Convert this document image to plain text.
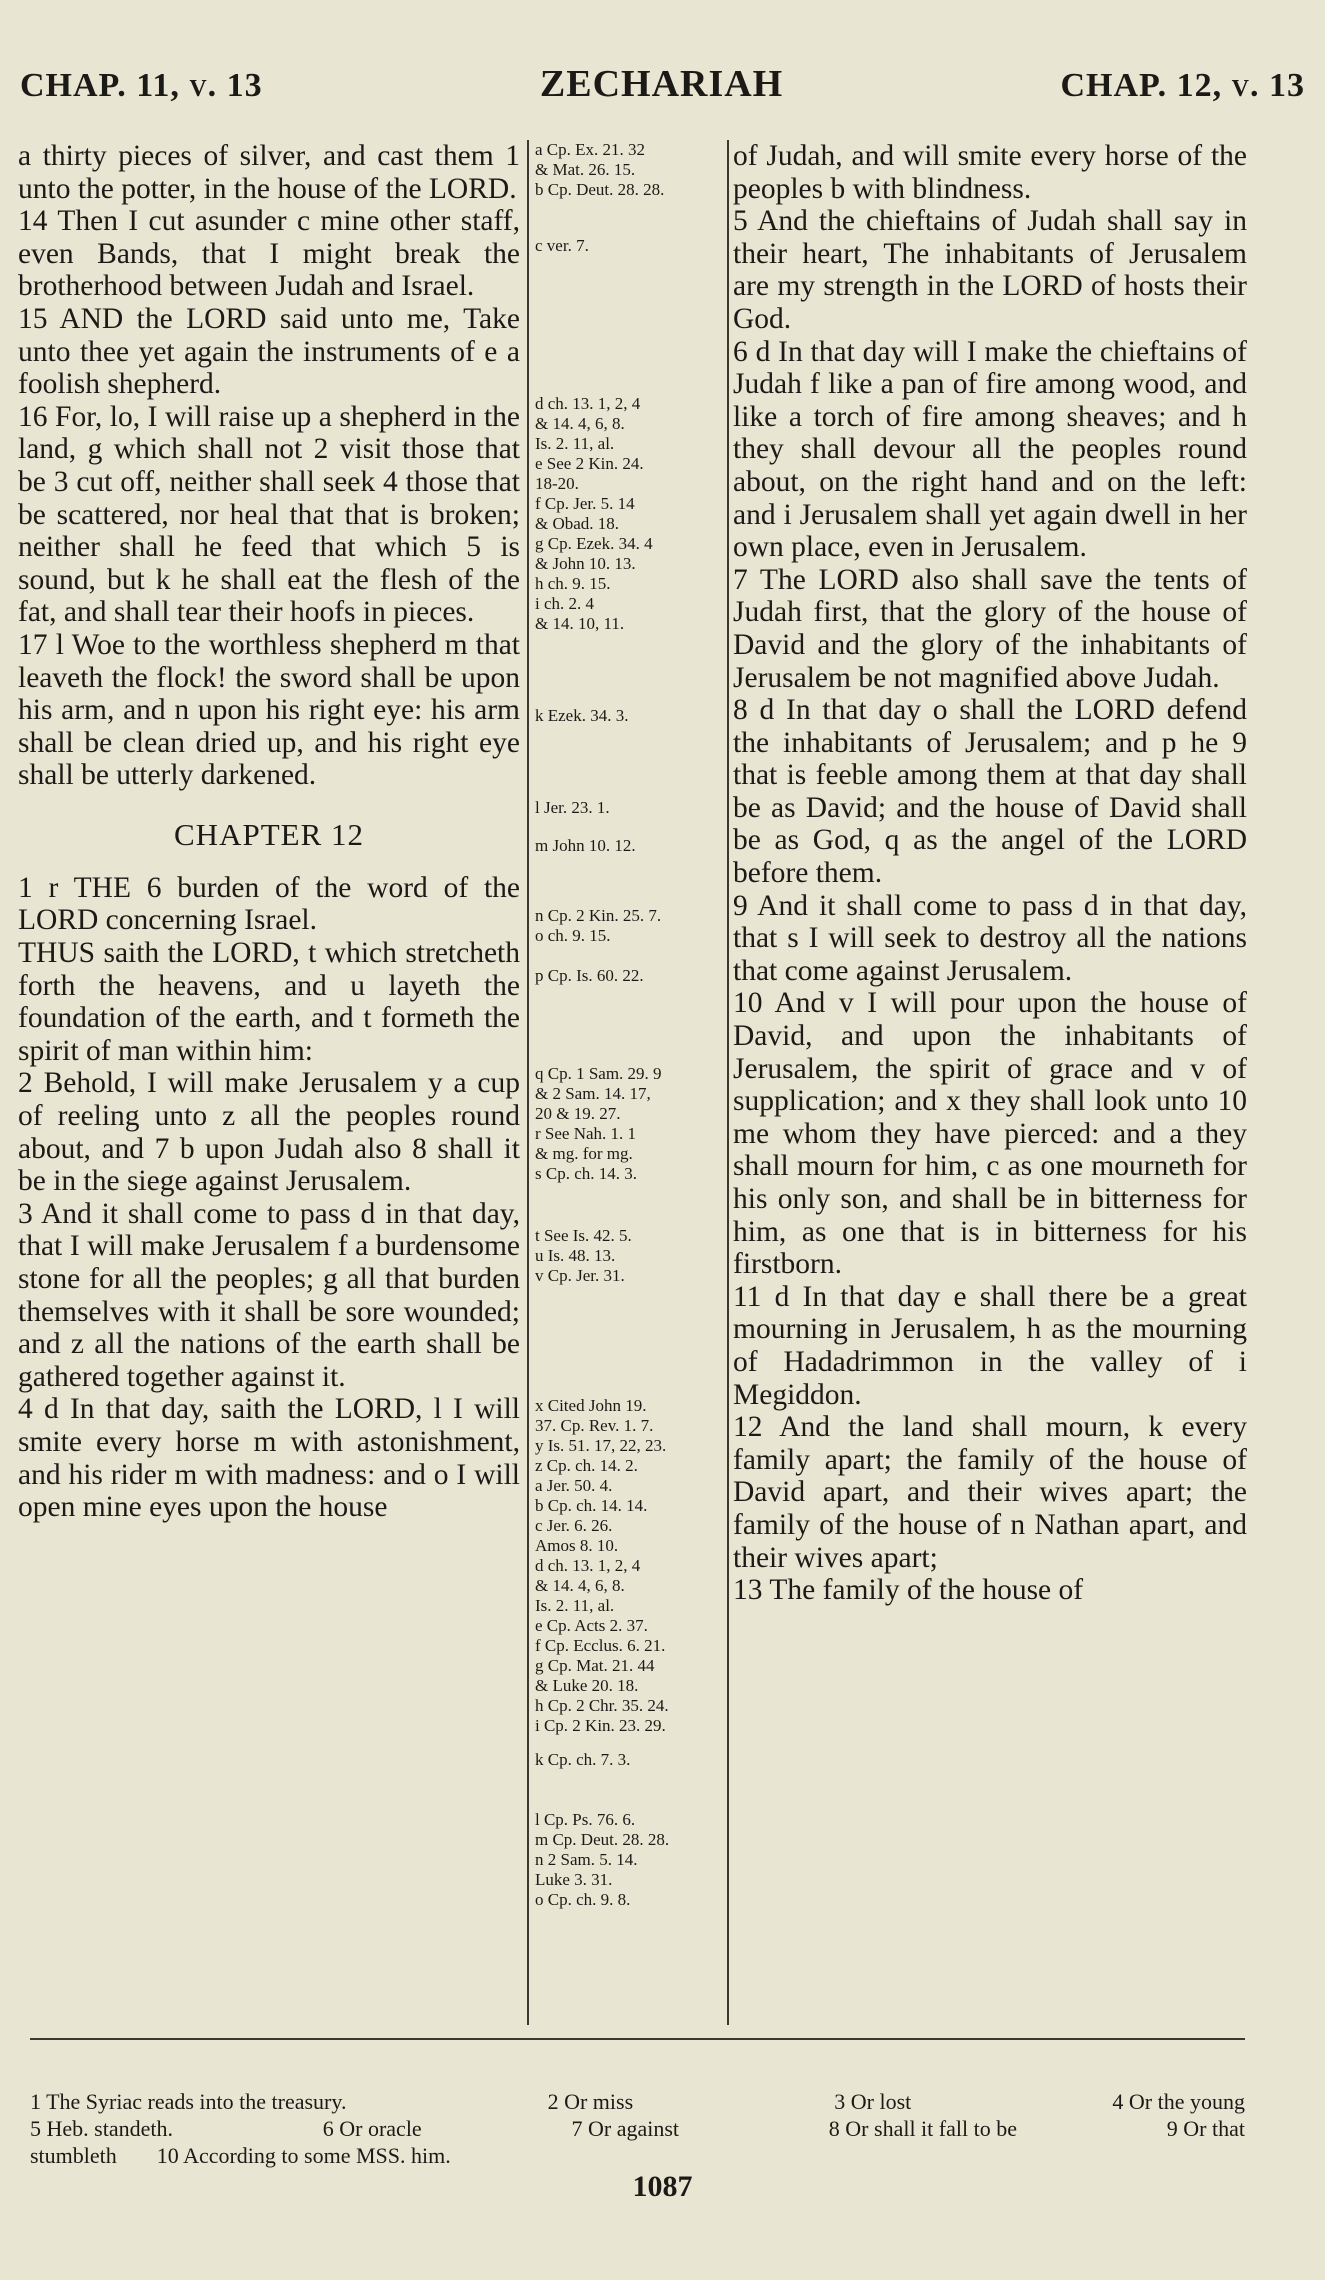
CHAP. 11, v. 13	ZECHARIAH	CHAP. 12, v. 13

a thirty pieces of silver, and cast them 1 unto the potter, in the house of the LORD.

14 Then I cut asunder c mine other staff, even Bands, that I might break the brotherhood between Judah and Israel.

15 AND the LORD said unto me, Take unto thee yet again the instruments of e a foolish shepherd.

16 For, lo, I will raise up a shepherd in the land, g which shall not 2 visit those that be 3 cut off, neither shall seek 4 those that be scattered, nor heal that that is broken; neither shall he feed that which 5 is sound, but k he shall eat the flesh of the fat, and shall tear their hoofs in pieces.

17 l Woe to the worthless shepherd m that leaveth the flock! the sword shall be upon his arm, and n upon his right eye: his arm shall be clean dried up, and his right eye shall be utterly darkened.

CHAPTER 12

1 r THE 6 burden of the word of the LORD concerning Israel.

THUS saith the LORD, t which stretcheth forth the heavens, and u layeth the foundation of the earth, and t formeth the spirit of man within him:

2 Behold, I will make Jerusalem y a cup of reeling unto z all the peoples round about, and 7 b upon Judah also 8 shall it be in the siege against Jerusalem.

3 And it shall come to pass d in that day, that I will make Jerusalem f a burdensome stone for all the peoples; g all that burden themselves with it shall be sore wounded; and z all the nations of the earth shall be gathered together against it.

4 d In that day, saith the LORD, l I will smite every horse m with astonishment, and his rider m with madness: and o I will open mine eyes upon the house

a Cp. Ex. 21. 32

& Mat. 26. 15.

b Cp. Deut. 28. 28.

c ver. 7.

d ch. 13. 1, 2, 4

& 14. 4, 6, 8.

Is. 2. 11, al.

e See 2 Kin. 24.

18-20.

f Cp. Jer. 5. 14

& Obad. 18.

g Cp. Ezek. 34. 4

& John 10. 13.

h ch. 9. 15.

i ch. 2. 4

& 14. 10, 11.

k Ezek. 34. 3.

l Jer. 23. 1.

m John 10. 12.

n Cp. 2 Kin. 25. 7.

o ch. 9. 15.

p Cp. Is. 60. 22.

q Cp. 1 Sam. 29. 9

& 2 Sam. 14. 17,

20 & 19. 27.

r See Nah. 1. 1

& mg. for mg.

s Cp. ch. 14. 3.

t See Is. 42. 5.

u Is. 48. 13.

v Cp. Jer. 31.

x Cited John 19.

37. Cp. Rev. 1. 7.

y Is. 51. 17, 22, 23.

z Cp. ch. 14. 2.

a Jer. 50. 4.

b Cp. ch. 14. 14.

c Jer. 6. 26.

Amos 8. 10.

d ch. 13. 1, 2, 4

& 14. 4, 6, 8.

Is. 2. 11, al.

e Cp. Acts 2. 37.

f Cp. Ecclus. 6. 21.

g Cp. Mat. 21. 44

& Luke 20. 18.

h Cp. 2 Chr. 35. 24.

i Cp. 2 Kin. 23. 29.

k Cp. ch. 7. 3.

l Cp. Ps. 76. 6.

m Cp. Deut. 28. 28.

n 2 Sam. 5. 14.

Luke 3. 31.

o Cp. ch. 9. 8.

of Judah, and will smite every horse of the peoples b with blindness.

5 And the chieftains of Judah shall say in their heart, The inhabitants of Jerusalem are my strength in the LORD of hosts their God.

6 d In that day will I make the chieftains of Judah f like a pan of fire among wood, and like a torch of fire among sheaves; and h they shall devour all the peoples round about, on the right hand and on the left: and i Jerusalem shall yet again dwell in her own place, even in Jerusalem.

7 The LORD also shall save the tents of Judah first, that the glory of the house of David and the glory of the inhabitants of Jerusalem be not magnified above Judah.

8 d In that day o shall the LORD defend the inhabitants of Jerusalem; and p he 9 that is feeble among them at that day shall be as David; and the house of David shall be as God, q as the angel of the LORD before them.

9 And it shall come to pass d in that day, that s I will seek to destroy all the nations that come against Jerusalem.

10 And v I will pour upon the house of David, and upon the inhabitants of Jerusalem, the spirit of grace and v of supplication; and x they shall look unto 10 me whom they have pierced: and a they shall mourn for him, c as one mourneth for his only son, and shall be in bitterness for him, as one that is in bitterness for his firstborn.

11 d In that day e shall there be a great mourning in Jerusalem, h as the mourning of Hadadrimmon in the valley of i Megiddon.

12 And the land shall mourn, k every family apart; the family of the house of David apart, and their wives apart; the family of the house of n Nathan apart, and their wives apart;

13 The family of the house of

1 The Syriac reads into the treasury.	2 Or miss	3 Or lost	4 Or the young
5 Heb. standeth.	6 Or oracle	7 Or against	8 Or shall it fall to be	9 Or that
stumbleth 10 According to some MSS. him.
1087
